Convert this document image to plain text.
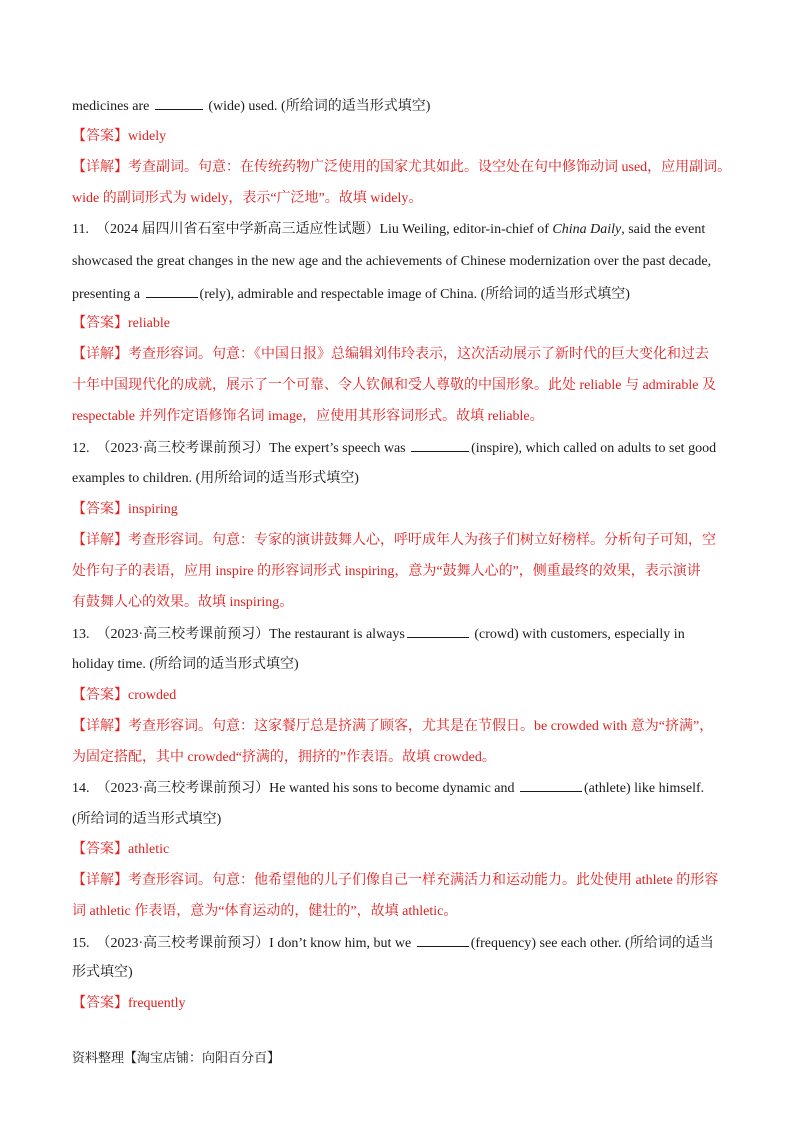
medicines are	(wide) used. (所给词的适当形式填空)
【答案】widely
【详解】考查副词。句意：在传统药物广泛使用的国家尤其如此。设空处在句中修饰动词 used，应用副词。
wide 的副词形式为 widely，表示“广泛地”。故填 widely。
11. （2024 届四川省石室中学新高三适应性试题）Liu Weiling, editor-in-chief of China Daily, said the event
showcased the great changes in the new age and the achievements of Chinese modernization over the past decade,
presenting a	(rely), admirable and respectable image of China. (所给词的适当形式填空)
【答案】reliable
【详解】考查形容词。句意：《中国日报》总编辑刘伟玲表示，这次活动展示了新时代的巨大变化和过去
十年中国现代化的成就，展示了一个可靠、令人钦佩和受人尊敬的中国形象。此处 reliable 与 admirable 及
respectable 并列作定语修饰名词 image，应使用其形容词形式。故填 reliable。
12. （2023·高三校考课前预习）The expert’s speech was	(inspire), which called on adults to set good
examples to children. (用所给词的适当形式填空)
【答案】inspiring
【详解】考查形容词。句意：专家的演讲鼓舞人心，呼吁成年人为孩子们树立好榜样。分析句子可知，空
处作句子的表语，应用 inspire 的形容词形式 inspiring，意为“鼓舞人心的”，侧重最终的效果，表示演讲
有鼓舞人心的效果。故填 inspiring。
13. （2023·高三校考课前预习）The restaurant is always	(crowd) with customers, especially in
holiday time. (所给词的适当形式填空)
【答案】crowded
【详解】考查形容词。句意：这家餐厅总是挤满了顾客，尤其是在节假日。be crowded with 意为“挤满”，
为固定搭配，其中 crowded“挤满的，拥挤的”作表语。故填 crowded。
14. （2023·高三校考课前预习）He wanted his sons to become dynamic and	(athlete) like himself.
(所给词的适当形式填空)
【答案】athletic
【详解】考查形容词。句意：他希望他的儿子们像自己一样充满活力和运动能力。此处使用 athlete 的形容
词 athletic 作表语，意为“体育运动的，健壮的”，故填 athletic。
15. （2023·高三校考课前预习）I don’t know him, but we	(frequency) see each other. (所给词的适当
形式填空)
【答案】frequently
资料整理【淘宝店铺：向阳百分百】
